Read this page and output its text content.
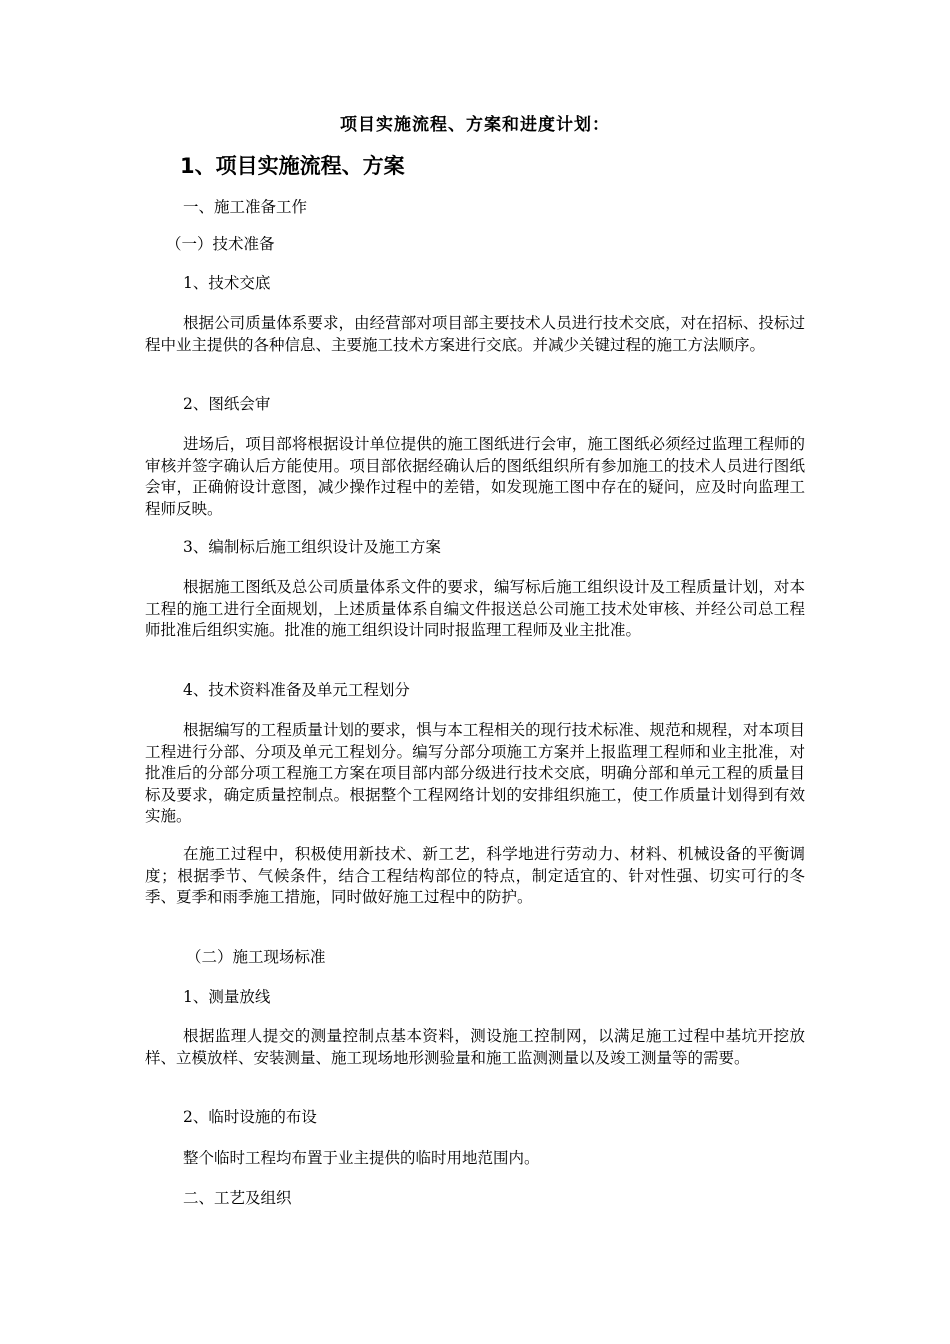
项目实施流程、方案和进度计划：
1、项目实施流程、方案
一、施工准备工作
（一）技术准备
1、技术交底
根据公司质量体系要求，由经营部对项目部主要技术人员进行技术交底，对在招标、投标过程中业主提供的各种信息、主要施工技术方案进行交底。并减少关键过程的施工方法顺序。
2、图纸会审
进场后，项目部将根据设计单位提供的施工图纸进行会审，施工图纸必须经过监理工程师的审核并签字确认后方能使用。项目部依据经确认后的图纸组织所有参加施工的技术人员进行图纸会审，正确俯设计意图，减少操作过程中的差错，如发现施工图中存在的疑问，应及时向监理工程师反映。
3、编制标后施工组织设计及施工方案
根据施工图纸及总公司质量体系文件的要求，编写标后施工组织设计及工程质量计划，对本工程的施工进行全面规划，上述质量体系自编文件报送总公司施工技术处审核、并经公司总工程师批准后组织实施。批准的施工组织设计同时报监理工程师及业主批准。
4、技术资料准备及单元工程划分
根据编写的工程质量计划的要求，惧与本工程相关的现行技术标准、规范和规程，对本项目工程进行分部、分项及单元工程划分。编写分部分项施工方案并上报监理工程师和业主批准，对批准后的分部分项工程施工方案在项目部内部分级进行技术交底，明确分部和单元工程的质量目标及要求，确定质量控制点。根据整个工程网络计划的安排组织施工，使工作质量计划得到有效实施。
在施工过程中，积极使用新技术、新工艺，科学地进行劳动力、材料、机械设备的平衡调度；根据季节、气候条件，结合工程结构部位的特点，制定适宜的、针对性强、切实可行的冬季、夏季和雨季施工措施，同时做好施工过程中的防护。
（二）施工现场标准
1、测量放线
根据监理人提交的测量控制点基本资料，测设施工控制网，以满足施工过程中基坑开挖放样、立模放样、安装测量、施工现场地形测验量和施工监测测量以及竣工测量等的需要。
2、临时设施的布设
整个临时工程均布置于业主提供的临时用地范围内。
二、工艺及组织
